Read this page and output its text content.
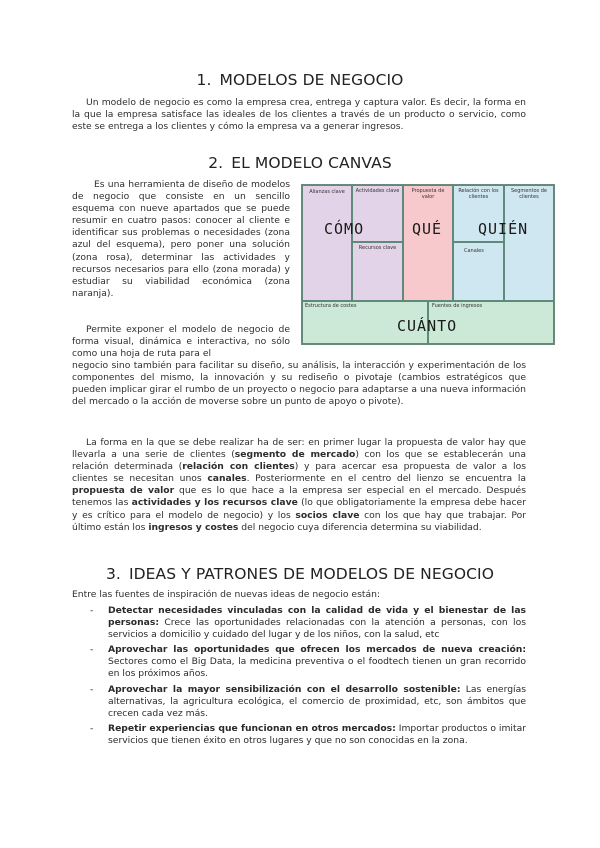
1. MODELOS DE NEGOCIO

Un modelo de negocio es como la empresa crea, entrega y captura valor. Es decir, la forma en la que la empresa satisface las ideales de los clientes a través de un producto o servicio, como este se entrega a los clientes y cómo la empresa va a generar ingresos.

2. EL MODELO CANVAS

Es una herramienta de diseño de modelos de negocio que consiste en un sencillo esquema con nueve apartados que se puede resumir en cuatro pasos: conocer al cliente e identificar sus problemas o necesidades (zona azul del esquema), pero poner una solución (zona rosa), determinar las actividades y recursos necesarios para ello (zona morada) y estudiar su viabilidad económica (zona naranja).

Permite exponer el modelo de negocio de forma visual, dinámica e interactiva, no sólo como una hoja de ruta para el

negocio sino también para facilitar su diseño, su análisis, la interacción y experimentación de los componentes del mismo, la innovación y su rediseño o pivotaje (cambios estratégicos que pueden implicar girar el rumbo de un proyecto o negocio para adaptarse a una nueva información del mercado o la acción de moverse sobre un punto de apoyo o pivote).

Alianzas clave	Actividades clave	Propuesta de valor
Relación con los clientes
Segmentos de clientes
Recursos clave	Canales
Estructura de costes	Fuentes de ingresos
CÓMO	QUÉ QUIÉN
CUÁNTO

La forma en la que se debe realizar ha de ser: en primer lugar la propuesta de valor hay que llevarla a una serie de clientes (segmento de mercado) con los que se establecerán una relación determinada (relación con clientes) y para acercar esa propuesta de valor a los clientes se necesitan unos canales. Posteriormente en el centro del lienzo se encuentra la propuesta de valor que es lo que hace a la empresa ser especial en el mercado. Después tenemos las actividades y los recursos clave (lo que obligatoriamente la empresa debe hacer y es crítico para el modelo de negocio) y los socios clave con los que hay que trabajar. Por último están los ingresos y costes del negocio cuya diferencia determina su viabilidad.

3. IDEAS Y PATRONES DE MODELOS DE NEGOCIO

Entre las fuentes de inspiración de nuevas ideas de negocio están:

- Detectar necesidades vinculadas con la calidad de vida y el bienestar de las personas: Crece las oportunidades relacionadas con la atención a personas, con los servicios a domicilio y cuidado del lugar y de los niños, con la salud, etc
- Aprovechar las oportunidades que ofrecen los mercados de nueva creación: Sectores como el Big Data, la medicina preventiva o el foodtech tienen un gran recorrido en los próximos años.
- Aprovechar la mayor sensibilización con el desarrollo sostenible: Las energías alternativas, la agricultura ecológica, el comercio de proximidad, etc, son ámbitos que crecen cada vez más.
- Repetir experiencias que funcionan en otros mercados: Importar productos o imitar servicios que tienen éxito en otros lugares y que no son conocidas en la zona.
